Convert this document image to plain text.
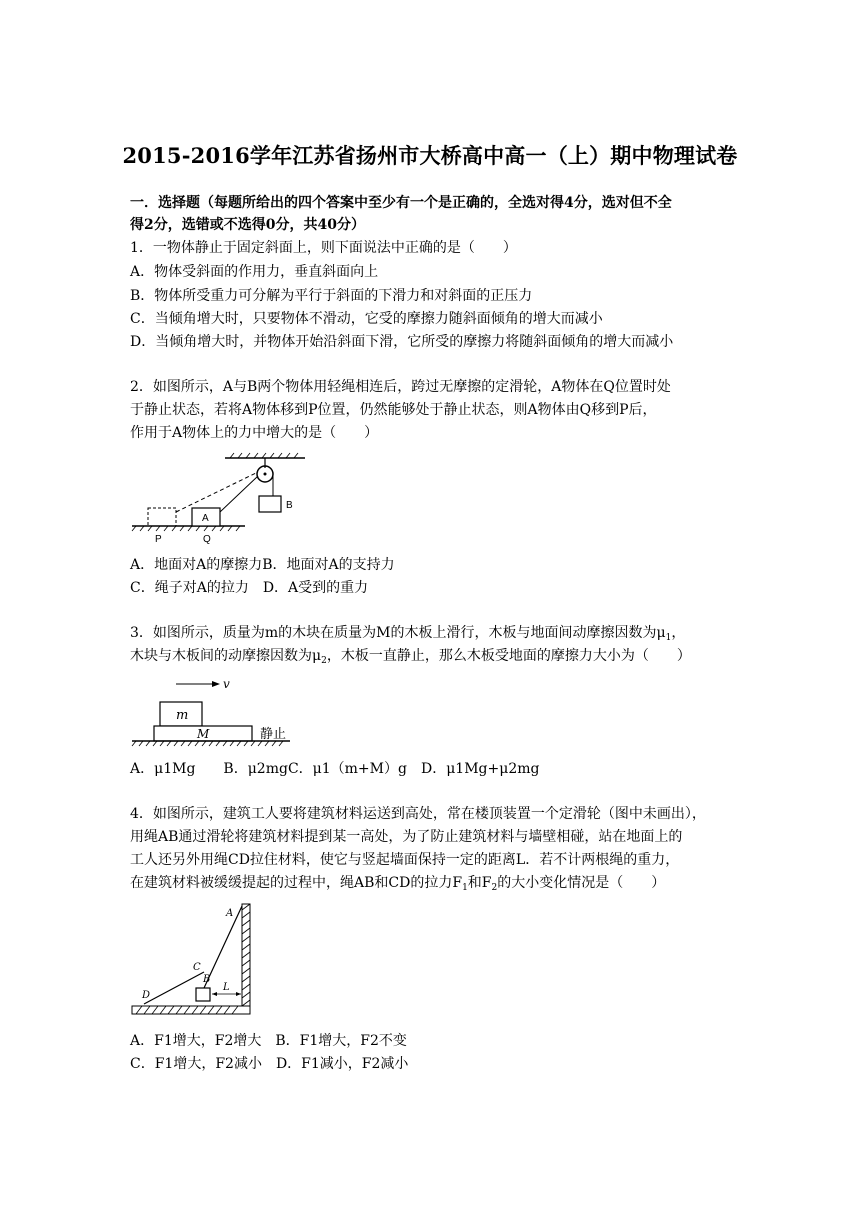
2015-2016学年江苏省扬州市大桥高中高一（上）期中物理试卷
一．选择题（每题所给出的四个答案中至少有一个是正确的，全选对得4分，选对但不全
得2分，选错或不选得0分，共40分）
1．一物体静止于固定斜面上，则下面说法中正确的是（　　）
A．物体受斜面的作用力，垂直斜面向上
B．物体所受重力可分解为平行于斜面的下滑力和对斜面的正压力
C．当倾角增大时，只要物体不滑动，它受的摩擦力随斜面倾角的增大而减小
D．当倾角增大时，并物体开始沿斜面下滑，它所受的摩擦力将随斜面倾角的增大而减小
2．如图所示，A与B两个物体用轻绳相连后，跨过无摩擦的定滑轮，A物体在Q位置时处
于静止状态，若将A物体移到P位置，仍然能够处于静止状态，则A物体由Q移到P后，
作用于A物体上的力中增大的是（　　）
B
A
P	Q
A．地面对A的摩擦力B．地面对A的支持力
C．绳子对A的拉力　D．A受到的重力
3．如图所示，质量为m的木块在质量为M的木板上滑行，木板与地面间动摩擦因数为$\mu_1$，
木块与木板间的动摩擦因数为$\mu_2$，木板一直静止，那么木板受地面的摩擦力大小为（　　）
v
m
M	静止
A．μ1Mg　　B．μ2mgC．μ1（m+M）g　D．μ1Mg+μ2mg
4．如图所示，建筑工人要将建筑材料运送到高处，常在楼顶装置一个定滑轮（图中未画出），
用绳AB通过滑轮将建筑材料提到某一高处，为了防止建筑材料与墙壁相碰，站在地面上的
工人还另外用绳CD拉住材料，使它与竖起墙面保持一定的距离L．若不计两根绳的重力，
在建筑材料被缓缓提起的过程中，绳AB和CD的拉力$F_1$和$F_2$的大小变化情况是（　　）
L
A
B
C
D
A．F1增大，F2增大　B．F1增大，F2不变
C．F1增大，F2减小　D．F1减小，F2减小
